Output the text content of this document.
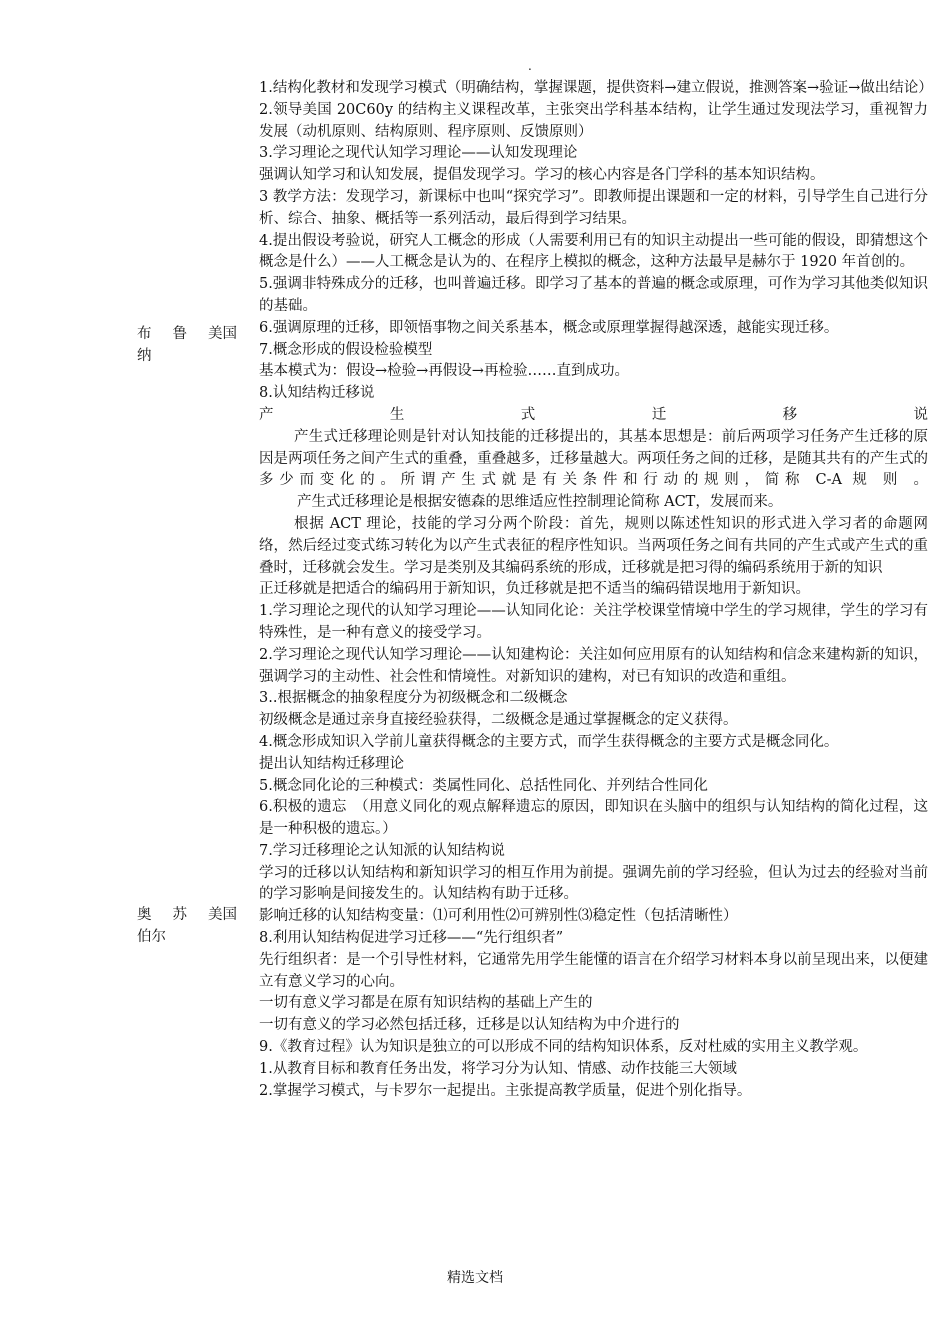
.
布 鲁 美国
纳
奥 苏 美国
伯尔

1.结构化教材和发现学习模式（明确结构，掌握课题，提供资料→建立假说，推测答案→验证→做出结论）

2.领导美国 20C60y 的结构主义课程改革，主张突出学科基本结构，让学生通过发现法学习，重视智力发展（动机原则、结构原则、程序原则、反馈原则）

3.学习理论之现代认知学习理论——认知发现理论

强调认知学习和认知发展，提倡发现学习。学习的核心内容是各门学科的基本知识结构。

3 教学方法：发现学习，新课标中也叫“探究学习”。即教师提出课题和一定的材料，引导学生自己进行分析、综合、抽象、概括等一系列活动，最后得到学习结果。

4.提出假设考验说，研究人工概念的形成（人需要利用已有的知识主动提出一些可能的假设，即猜想这个概念是什么）——人工概念是认为的、在程序上模拟的概念，这种方法最早是赫尔于 1920 年首创的。

5.强调非特殊成分的迁移，也叫普遍迁移。即学习了基本的普遍的概念或原理，可作为学习其他类似知识的基础。

6.强调原理的迁移，即领悟事物之间关系基本，概念或原理掌握得越深透，越能实现迁移。

7.概念形成的假设检验模型

基本模式为：假设→检验→再假设→再检验……直到成功。

8.认知结构迁移说

产 生 式 迁 移 说

产生式迁移理论则是针对认知技能的迁移提出的，其基本思想是：前后两项学习任务产生迁移的原因是两项任务之间产生式的重叠，重叠越多，迁移量越大。两项任务之间的迁移，是随其共有的产生式的多少而变化的。所谓产生式就是有关条件和行动的规则，简称 C-A 规 则 。

产生式迁移理论是根据安德森的思维适应性控制理论简称 ACT，发展而来。

根据 ACT 理论，技能的学习分两个阶段：首先，规则以陈述性知识的形式进入学习者的命题网络，然后经过变式练习转化为以产生式表征的程序性知识。当两项任务之间有共同的产生式或产生式的重叠时，迁移就会发生。学习是类别及其编码系统的形成，迁移就是把习得的编码系统用于新的知识

正迁移就是把适合的编码用于新知识，负迁移就是把不适当的编码错误地用于新知识。

1.学习理论之现代的认知学习理论——认知同化论：关注学校课堂情境中学生的学习规律，学生的学习有特殊性，是一种有意义的接受学习。

2.学习理论之现代认知学习理论——认知建构论：关注如何应用原有的认知结构和信念来建构新的知识，强调学习的主动性、社会性和情境性。对新知识的建构，对已有知识的改造和重组。

3..根据概念的抽象程度分为初级概念和二级概念

初级概念是通过亲身直接经验获得，二级概念是通过掌握概念的定义获得。

4.概念形成知识入学前儿童获得概念的主要方式，而学生获得概念的主要方式是概念同化。

提出认知结构迁移理论

5.概念同化论的三种模式：类属性同化、总括性同化、并列结合性同化

6.积极的遗忘　（用意义同化的观点解释遗忘的原因，即知识在头脑中的组织与认知结构的简化过程，这是一种积极的遗忘。）

7.学习迁移理论之认知派的认知结构说

学习的迁移以认知结构和新知识学习的相互作用为前提。强调先前的学习经验，但认为过去的经验对当前的学习影响是间接发生的。认知结构有助于迁移。

影响迁移的认知结构变量：⑴可利用性⑵可辨别性⑶稳定性（包括清晰性）

8.利用认知结构促进学习迁移——“先行组织者”

先行组织者：是一个引导性材料，它通常先用学生能懂的语言在介绍学习材料本身以前呈现出来，以便建立有意义学习的心向。

一切有意义学习都是在原有知识结构的基础上产生的

一切有意义的学习必然包括迁移，迁移是以认知结构为中介进行的

9.《教育过程》认为知识是独立的可以形成不同的结构知识体系，反对杜威的实用主义教学观。

1.从教育目标和教育任务出发，将学习分为认知、情感、动作技能三大领域

2.掌握学习模式，与卡罗尔一起提出。主张提高教学质量，促进个别化指导。

精选文档
